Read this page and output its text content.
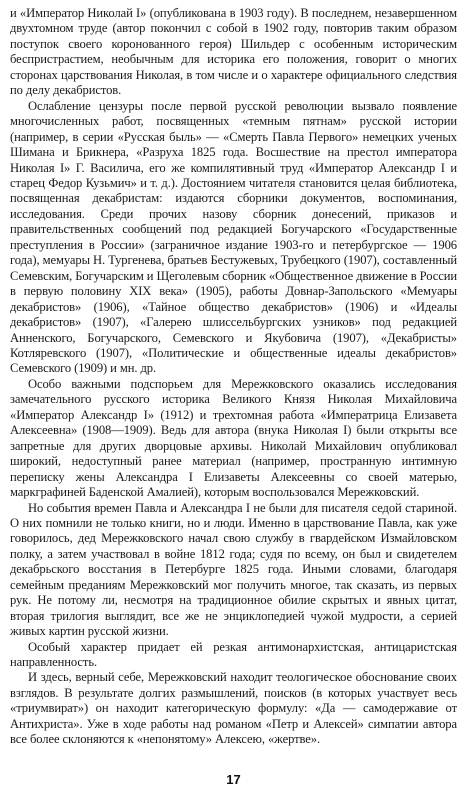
и «Император Николай I» (опубликована в 1903 году). В последнем, незавершенном двухтомном труде (автор покончил с собой в 1902 году, повторив таким образом поступок своего коронованного героя) Шильдер с особенным историческим беспристрастием, необычным для историка его положения, говорит о многих сторонах царствования Николая, в том числе и о характере официального следствия по делу декабристов.

Ослабление цензуры после первой русской революции вызвало появление многочисленных работ, посвященных «темным пятнам» русской истории (например, в серии «Русская быль» — «Смерть Павла Первого» немецких ученых Шимана и Брикнера, «Разруха 1825 года. Восшествие на престол императора Николая I» Г. Василича, его же компилятивный труд «Император Александр I и старец Федор Кузьмич» и т. д.). Достоянием читателя становится целая библиотека, посвященная декабристам: издаются сборники документов, воспоминания, исследования. Среди прочих назову сборник донесений, приказов и правительственных сообщений под редакцией Богучарского «Государственные преступления в России» (заграничное издание 1903-го и петербургское — 1906 года), мемуары Н. Тургенева, братьев Бестужевых, Трубецкого (1907), составленный Семевским, Богучарским и Щеголевым сборник «Общественное движение в России в первую половину XIX века» (1905), работы Довнар-Запольского «Мемуары декабристов» (1906), «Тайное общество декабристов» (1906) и «Идеалы декабристов» (1907), «Галерею шлиссельбургских узников» под редакцией Анненского, Богучарского, Семевского и Якубовича (1907), «Декабристы» Котляревского (1907), «Политические и общественные идеалы декабристов» Семевского (1909) и мн. др.

Особо важными подспорьем для Мережковского оказались исследования замечательного русского историка Великого Князя Николая Михайловича «Император Александр I» (1912) и трехтомная работа «Императрица Елизавета Алексеевна» (1908—1909). Ведь для автора (внука Николая I) были открыты все запретные для других дворцовые архивы. Николай Михайлович опубликовал широкий, недоступный ранее материал (например, пространную интимную переписку жены Александра I Елизаветы Алексеевны со своей матерью, маркграфиней Баденской Амалией), которым воспользовался Мережковский.

Но события времен Павла и Александра I не были для писателя седой стариной. О них помнили не только книги, но и люди. Именно в царствование Павла, как уже говорилось, дед Мережковского начал свою службу в гвардейском Измайловском полку, а затем участвовал в войне 1812 года; судя по всему, он был и свидетелем декабрьского восстания в Петербурге 1825 года. Иными словами, благодаря семейным преданиям Мережковский мог получить многое, так сказать, из первых рук. Не потому ли, несмотря на традиционное обилие скрытых и явных цитат, вторая трилогия выглядит, все же не энциклопедией чужой мудрости, а серией живых картин русской жизни.

Особый характер придает ей резкая антимонархистская, антицаристская направленность.

И здесь, верный себе, Мережковский находит теологическое обоснование своих взглядов. В результате долгих размышлений, поисков (в которых участвует весь «триумвират») он находит категорическую формулу: «Да — самодержавие от Антихриста». Уже в ходе работы над романом «Петр и Алексей» симпатии автора все более склоняются к «непонятому» Алексею, «жертве».

17
